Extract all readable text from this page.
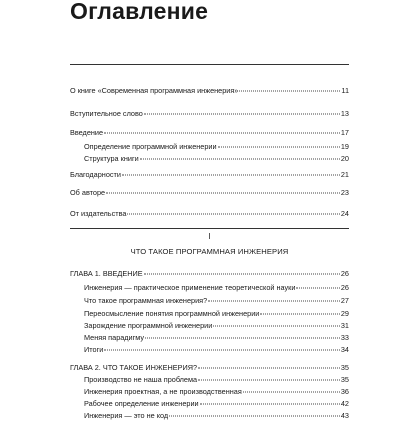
Оглавление
О книге «Современная программная инженерия»	11
Вступительное слово	13
Введение	17
Определение программной инженерии	19
Структура книги	20
Благодарности	21
Об авторе	23
От издательства	24
I
ЧТО ТАКОЕ ПРОГРАММНАЯ ИНЖЕНЕРИЯ
ГЛАВА 1. ВВЕДЕНИЕ	26
Инженерия — практическое применение теоретической науки	26
Что такое программная инженерия?	27
Переосмысление понятия программной инженерии	29
Зарождение программной инженерии	31
Меняя парадигму	33
Итоги	34
ГЛАВА 2. ЧТО ТАКОЕ ИНЖЕНЕРИЯ?	35
Производство не наша проблема	35
Инженерия проектная, а не производственная	36
Рабочее определение инженерии	42
Инженерия — это не код	43
